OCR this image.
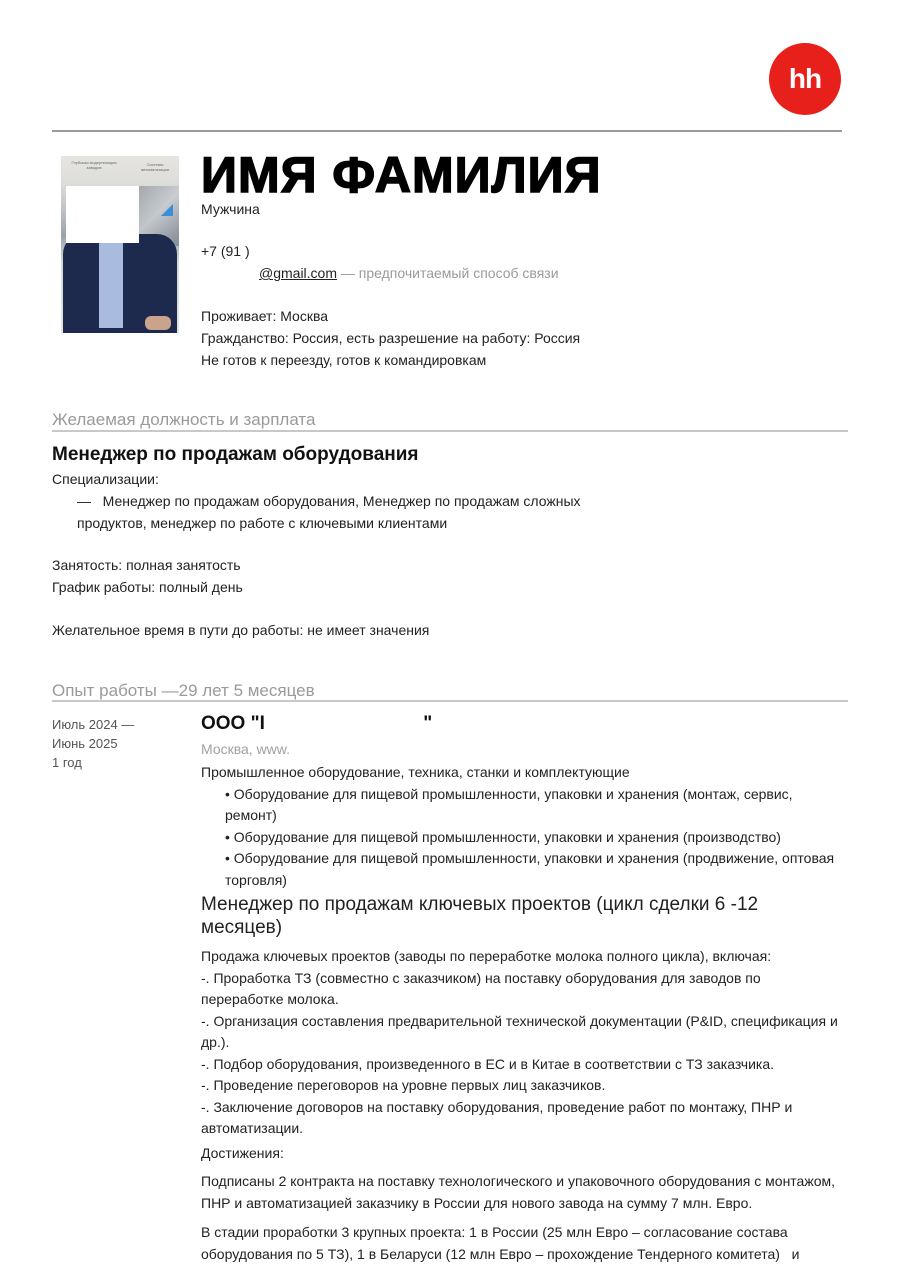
hh
Глубокая модернизация заводов
Системы автоматизации ИМЯ ФАМИЛИЯ
Мужчина
+7 (91 )
@gmail.com — предпочитаемый способ связи
Проживает: Москва
Гражданство: Россия, есть разрешение на работу: Россия
Не готов к переезду, готов к командировкам
Желаемая должность и зарплата
Менеджер по продажам оборудования
Специализации:
—   Менеджер по продажам оборудования, Менеджер по продажам сложных
продуктов, менеджер по работе с ключевыми клиентами
Занятость: полная занятость
График работы: полный день
Желательное время в пути до работы: не имеет значения
Опыт работы —29 лет 5 месяцев
Июль 2024 —
Июнь 2025
1 год
ООО "I                              "
Москва, www.
Промышленное оборудование, техника, станки и комплектующие
• Оборудование для пищевой промышленности, упаковки и хранения (монтаж, сервис, ремонт)
• Оборудование для пищевой промышленности, упаковки и хранения (производство)
• Оборудование для пищевой промышленности, упаковки и хранения (продвижение, оптовая торговля)
Менеджер по продажам ключевых проектов (цикл сделки 6 -12 месяцев)
Продажа ключевых проектов (заводы по переработке молока полного цикла), включая:
-. Проработка ТЗ (совместно с заказчиком) на поставку оборудования для заводов по переработке молока.
-. Организация составления предварительной технической документации (P&ID, спецификация и др.).
-. Подбор оборудования, произведенного в ЕС и в Китае в соответствии с ТЗ заказчика.
-. Проведение переговоров на уровне первых лиц заказчиков.
-. Заключение договоров на поставку оборудования, проведение работ по монтажу, ПНР и автоматизации.
Достижения:

Подписаны 2 контракта на поставку технологического и упаковочного оборудования с монтажом, ПНР и автоматизацией заказчику в России для нового завода на сумму 7 млн. Евро.

В стадии проработки 3 крупных проекта: 1 в России (25 млн Евро – согласование состава оборудования по 5 ТЗ), 1 в Беларуси (12 млн Евро – прохождение Тендерного комитета)   и
